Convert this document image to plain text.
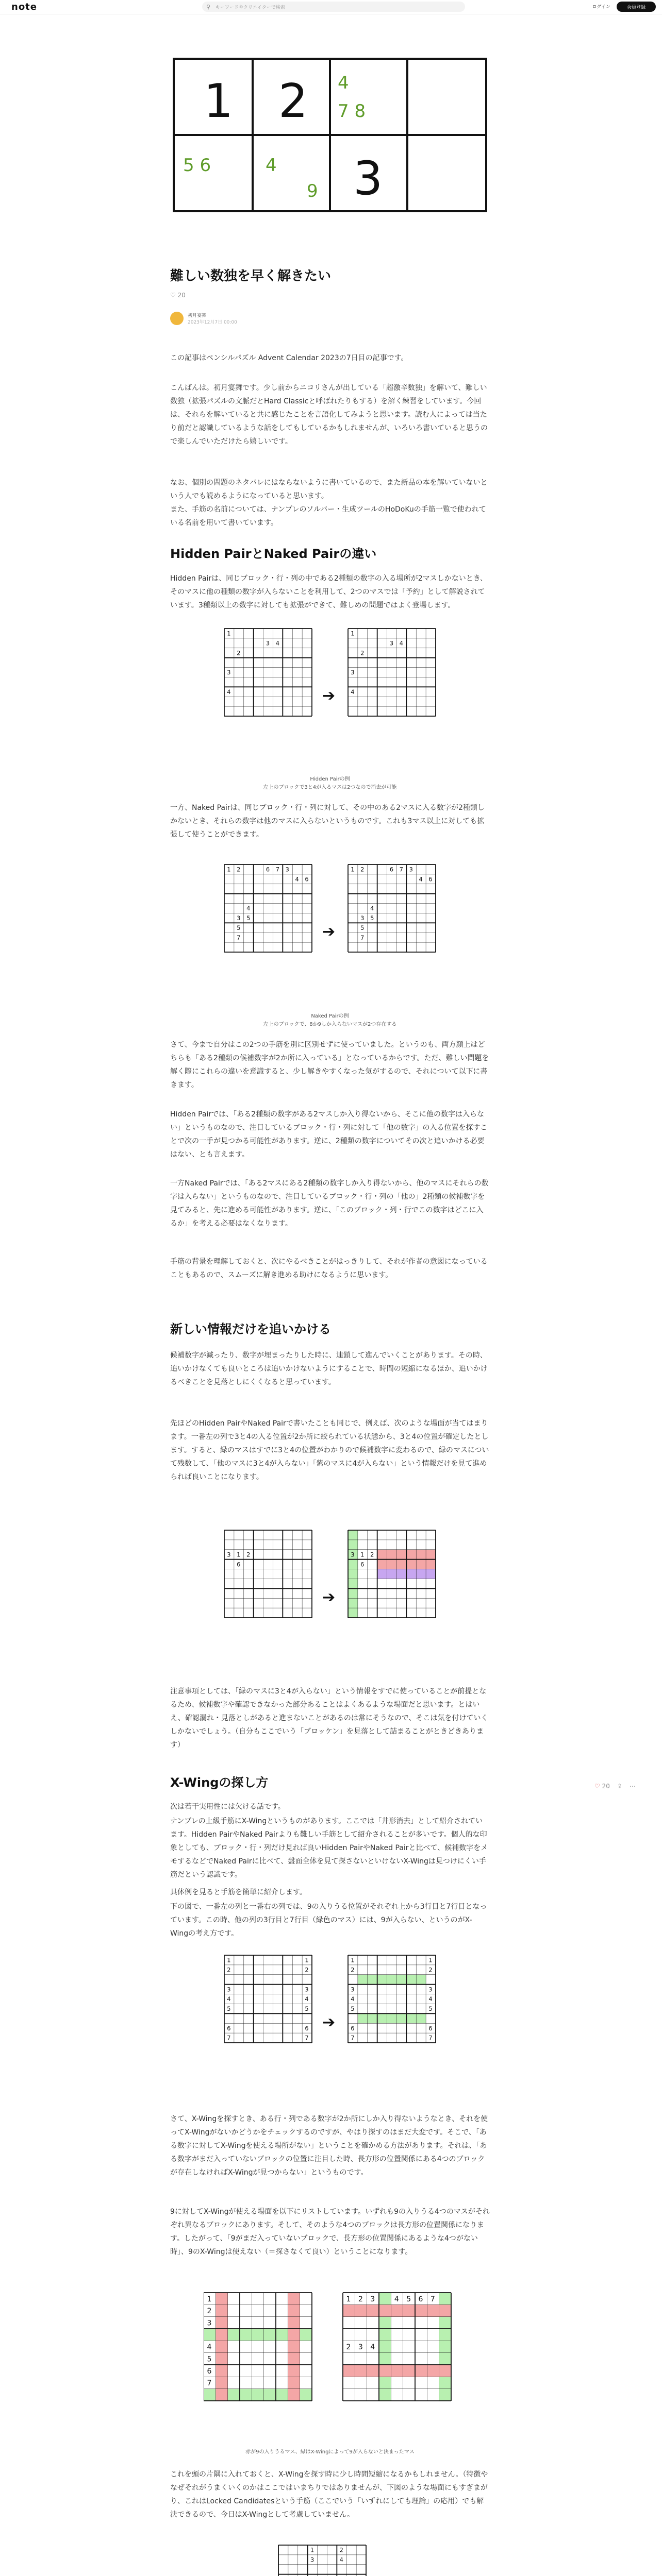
note	⚲	キーワードやクリエイターで検索	ログイン	会員登録
1 2 4
7 8
5 6	4
9 3
難しい数独を早く解きたい
♡ 20
初月宴舞
2023年12月7日 00:00

この記事はペンシルパズル Advent Calendar 2023の7日目の記事です。

こんばんは。初月宴舞です。少し前からニコリさんが出している「超激辛数独」を解いて、難しい数独（拡張パズルの文脈だとHard Classicと呼ばれたりもする）を解く練習をしています。今回は、それらを解いていると共に感じたことを言語化してみようと思います。読む人によっては当たり前だと認識しているような話をしてもしているかもしれませんが、いろいろ書いていると思うので楽しんでいただけたら嬉しいです。

なお、個別の問題のネタバレにはならないように書いているので、また新品の本を解いていないという人でも読めるようになっていると思います。

また、手筋の名前については、ナンプレのソルバー・生成ツールのHoDoKuの手筋一覧で使われている名前を用いて書いています。

Hidden PairとNaked Pairの違い

Hidden Pairは、同じブロック・行・列の中である2種類の数字の入る場所が2マスしかないとき、そのマスに他の種類の数字が入らないことを利用して、2つのマスでは「予約」として解説されています。3種類以上の数字に対しても拡張ができて、難しめの問題ではよく登場します。

1
3 4
2
3
4	➔
1
3 4
2
3
4
Hidden Pairの例
左上のブロックで3と4が入るマスは2つなので消去が可能

一方、Naked Pairは、同じブロック・行・列に対して、その中のある2マスに入る数字が2種類しかないとき、それらの数字は他のマスに入らないというものです。これも3マス以上に対しても拡張して使うことができます。

1 2	6 7 3
4 6
4
3 5
5
7	➔
1 2	6 7 3
4 6
4
3 5
5
7
Naked Pairの例
左上のブロックで、8か9しか入らないマスが2つ存在する

さて、今まで自分はこの2つの手筋を別に区別せずに使っていました。というのも、両方顔上はどちらも「ある2種類の候補数字が2か所に入っている」となっているからです。ただ、難しい問題を解く際にこれらの違いを意識すると、少し解きやすくなった気がするので、それについて以下に書きます。

Hidden Pairでは、「ある2種類の数字がある2マスしか入り得ないから、そこに他の数字は入らない」というものなので、注目しているブロック・行・列に対して「他の数字」の入る位置を探すことで次の一手が見つかる可能性があります。逆に、2種類の数字についてその次と追いかける必要はない、とも言えます。

一方Naked Pairでは、「ある2マスにある2種類の数字しか入り得ないから、他のマスにそれらの数字は入らない」というものなので、注目しているブロック・行・列の「他の」2種類の候補数字を見てみると、先に進める可能性があります。逆に、「このブロック・列・行でこの数字はどこに入るか」を考える必要はなくなります。

手筋の背景を理解しておくと、次にやるべきことがはっきりして、それが作者の意図になっていることもあるので、スムーズに解き進める助けになるように思います。

新しい情報だけを追いかける

候補数字が減ったり、数字が埋まったりした時に、連鎖して進んでいくことがあります。その時、追いかけなくても良いところは追いかけないようにすることで、時間の短縮になるほか、追いかけるべきことを見落としにくくなると思っています。

先ほどのHidden PairやNaked Pairで書いたことも同じで、例えば、次のような場面が当てはまります。一番左の列で3と4の入る位置が2か所に絞られている状態から、3と4の位置が確定したとします。すると、緑のマスはすでに3と4の位置がわかりので候補数字に変わるので、緑のマスについて残数して、「他のマスに3と4が入らない」「紫のマスに4が入らない」という情報だけを見て進められば良いことになります。

3 1 2
6
➔
3 1 2
6

注意事項としては、「緑のマスに3と4が入らない」という情報をすでに使っていることが前提となるため、候補数字や確認できなかった部分あることはよくあるような場面だと思います。とはいえ、確認漏れ・見落としがあると進まないことがあるのは常にそうなので、そこは気を付けていくしかないでしょう。（自分もここでいう「ブロッケン」を見落として詰まることがときどきあります）

X-Wingの探し方

次は若干実用性には欠ける話です。

ナンプレの上級手筋にX-Wingというものがあります。ここでは「井形消去」として紹介されています。Hidden PairやNaked Pairよりも難しい手筋として紹介されることが多いです。個人的な印象としても、ブロック・行・列だけ見れば良いHidden PairやNaked Pairと比べて、候補数字をメモするなどでNaked Pairに比べて、盤面全体を見て探さないといけないX-Wingは見つけにくい手筋だという認識です。

具体例を見ると手筋を簡単に紹介します。

下の図で、一番左の列と一番右の列では、9の入りうる位置がそれぞれ上から3行目と7行目となっています。この時、他の列の3行目と7行目（緑色のマス）には、9が入らない、というのがX-Wingの考え方です。

1
2
3
4
5
6
7
1
2
3
4
5
6
7
➔
1
2
3
4
5
6
7
1
2
3
4
5
6
7

さて、X-Wingを探すとき、ある行・列である数字が2か所にしか入り得ないようなとき、それを使ってX-Wingがないかどうかをチェックするのですが、やはり探すのはまだ大変です。そこで、「ある数字に対してX-Wingを使える場所がない」ということを確かめる方法があります。それは、「ある数字がまだ入っていないブロックの位置に注目した時、長方形の位置関係にある4つのブロックが存在しなければX-Wingが見つからない」というものです。

9に対してX-Wingが使える場面を以下にリストしています。いずれも9の入りうる4つのマスがそれぞれ異なるブロックにあります。そして、そのような4つのブロックは長方形の位置関係になります。したがって、「9がまだ入っていないブロックで、長方形の位置関係にあるような4つがない時」、9のX-Wingは使えない（＝探さなくて良い）ということになります。

1
2
3
4
5
6
7
1 2 3	4 5 6 7
2 3 4
赤が9の入りうるマス、緑はX-Wingによって9が入らないと決まったマス

これを頭の片隅に入れておくと、X-Wingを探す時に少し時間短縮になるかもしれません。（特徴やなぜそれがうまくいくのかはここではいまちりではありませんが、下図のような場面にもすぎまがり、これはLocked Candidatesという手筋（ここでいう「いずれにしても理論」の応用）でも解決できるので、今日はX-Wingとして考慮していません。

1	2
3	4
♡ 20 ⇪ ⋯
